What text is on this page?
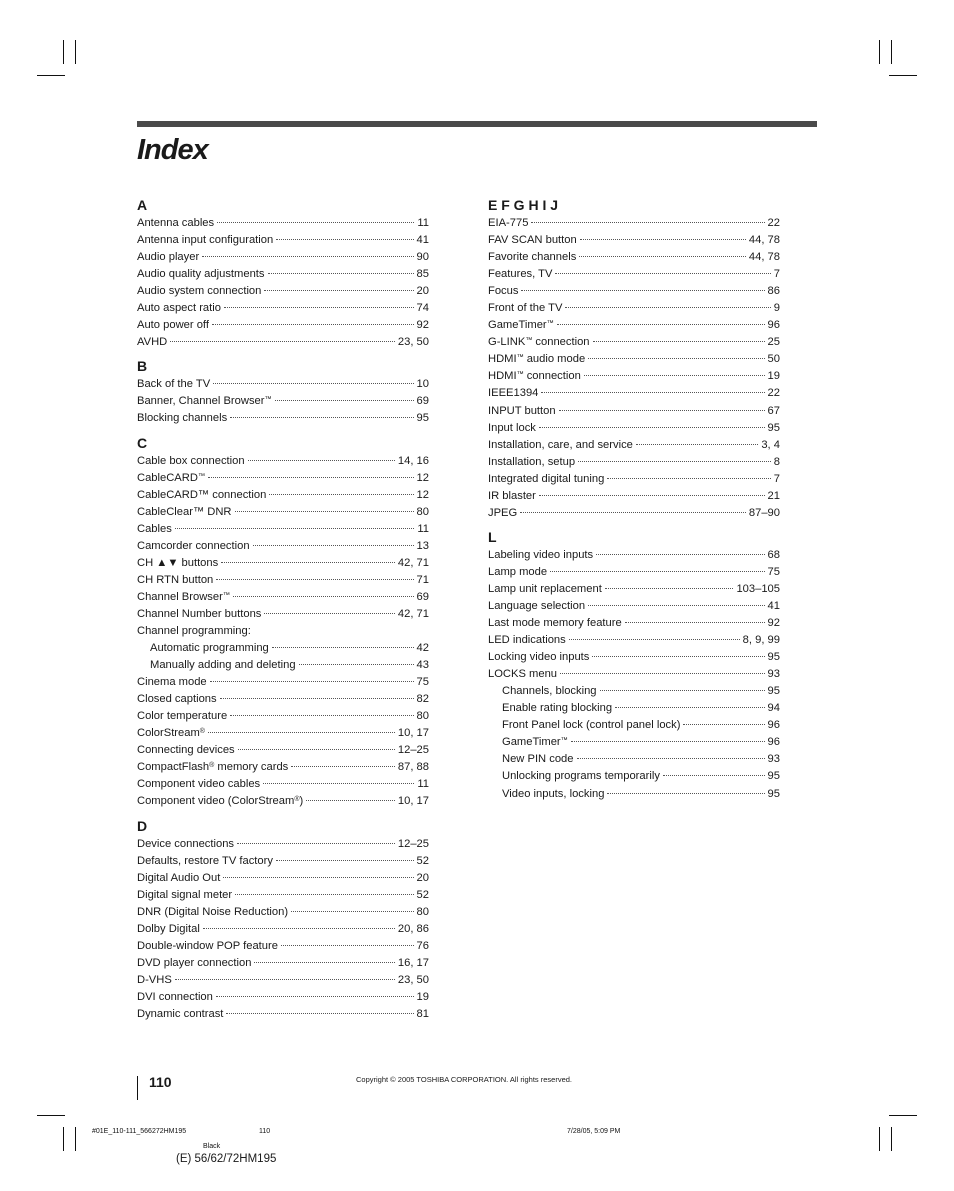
Index
A
Antenna cables	11
Antenna input configuration	41
Audio player	90
Audio quality adjustments	85
Audio system connection	20
Auto aspect ratio	74
Auto power off	92
AVHD	23, 50
B
Back of the TV	10
Banner, Channel Browser™	69
Blocking channels	95
C
Cable box connection	14, 16
CableCARD™	12
CableCARD™ connection	12
CableClear™ DNR	80
Cables	11
Camcorder connection	13
CH ▲▼ buttons	42, 71
CH RTN button	71
Channel Browser™	69
Channel Number buttons	42, 71
Channel programming:
Automatic programming	42
Manually adding and deleting	43
Cinema mode	75
Closed captions	82
Color temperature	80
ColorStream®	10, 17
Connecting devices	12–25
CompactFlash® memory cards	87, 88
Component video cables	11
Component video (ColorStream®)	10, 17
D
Device connections	12–25
Defaults, restore TV factory	52
Digital Audio Out	20
Digital signal meter	52
DNR (Digital Noise Reduction)	80
Dolby Digital	20, 86
Double-window POP feature	76
DVD player connection	16, 17
D-VHS	23, 50
DVI connection	19
Dynamic contrast	81
E F G H I J
EIA-775	22
FAV SCAN button	44, 78
Favorite channels	44, 78
Features, TV	7
Focus	86
Front of the TV	9
GameTimer™	96
G-LINK™ connection	25
HDMI™ audio mode	50
HDMI™ connection	19
IEEE1394	22
INPUT button	67
Input lock	95
Installation, care, and service	3, 4
Installation, setup	8
Integrated digital tuning	7
IR blaster	21
JPEG	87–90
L
Labeling video inputs	68
Lamp mode	75
Lamp unit replacement	103–105
Language selection	41
Last mode memory feature	92
LED indications	8, 9, 99
Locking video inputs	95
LOCKS menu	93
Channels, blocking	95
Enable rating blocking	94
Front Panel lock (control panel lock)	96
GameTimer™	96
New PIN code	93
Unlocking programs temporarily	95
Video inputs, locking	95
110	Copyright © 2005 TOSHIBA CORPORATION. All rights reserved.
#01E_110-111_566272HM195	110	7/28/05, 5:09 PM
Black
(E) 56/62/72HM195
